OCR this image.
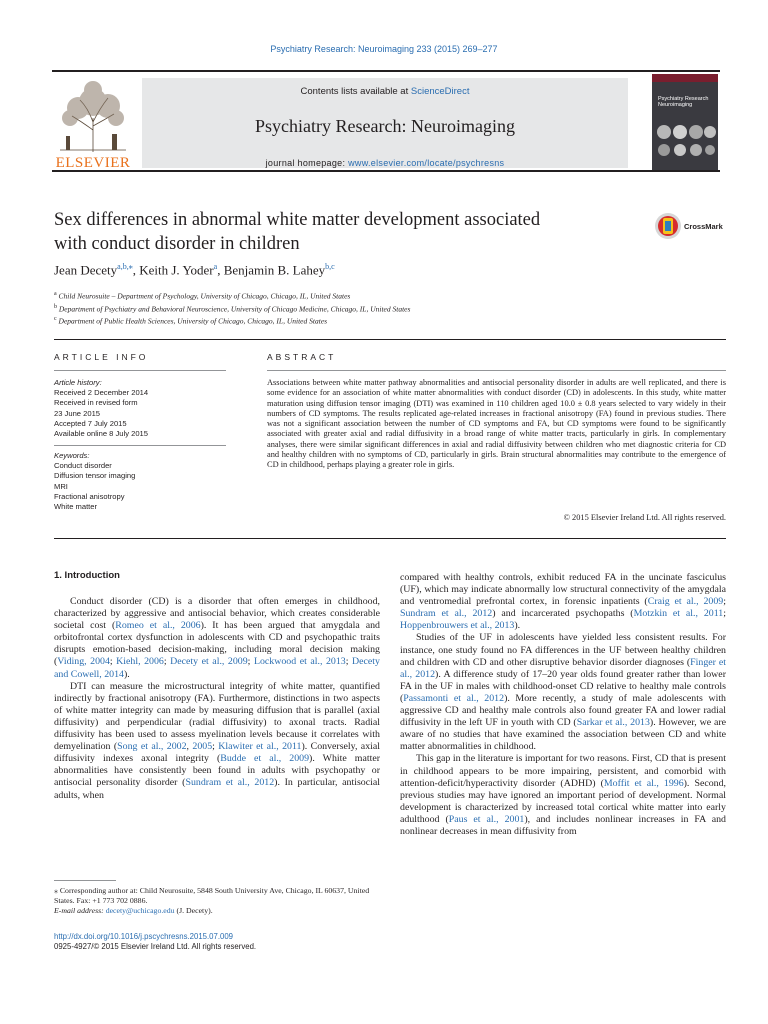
Psychiatry Research: Neuroimaging 233 (2015) 269–277
ELSEVIER
Contents lists available at ScienceDirect
Psychiatry Research: Neuroimaging
journal homepage: www.elsevier.com/locate/psychresns
Psychiatry Research
Neuroimaging
Sex differences in abnormal white matter development associated
with conduct disorder in children
CrossMark
Jean Decety$^{a,b,⁎}$, Keith J. Yoder$^a$, Benjamin B. Lahey$^{b,c}$
$^a$ Child Neurosuite – Department of Psychology, University of Chicago, Chicago, IL, United States
$^b$ Department of Psychiatry and Behavioral Neuroscience, University of Chicago Medicine, Chicago, IL, United States
$^c$ Department of Public Health Sciences, University of Chicago, Chicago, IL, United States
ARTICLE INFO	ABSTRACT
Article history:
Received 2 December 2014
Received in revised form
23 June 2015
Accepted 7 July 2015
Available online 8 July 2015
Keywords:
Conduct disorder
Diffusion tensor imaging
MRI
Fractional anisotropy
White matter
Associations between white matter pathway abnormalities and antisocial personality disorder in adults are well replicated, and there is some evidence for an association of white matter abnormalities with conduct disorder (CD) in adolescents. In this study, white matter maturation using diffusion tensor imaging (DTI) was examined in 110 children aged 10.0 ± 0.8 years selected to vary widely in their numbers of CD symptoms. The results replicated age-related increases in fractional anisotropy (FA) found in previous studies. There was not a significant association between the number of CD symptoms and FA, but CD symptoms were found to be significantly associated with greater axial and radial diffusivity in a broad range of white matter tracts, particularly in girls. In complementary analyses, there were similar significant differences in axial and radial diffusivity between children who met diagnostic criteria for CD and healthy children with no symptoms of CD, particularly in girls. Brain structural abnormalities may contribute to the emergence of CD in childhood, perhaps playing a greater role in girls.
© 2015 Elsevier Ireland Ltd. All rights reserved.
1. Introduction

Conduct disorder (CD) is a disorder that often emerges in childhood, characterized by aggressive and antisocial behavior, which creates considerable societal cost (Romeo et al., 2006). It has been argued that amygdala and orbitofrontal cortex dysfunction in adolescents with CD and psychopathic traits disrupts emotion-based decision-making, including moral decision making (Viding, 2004; Kiehl, 2006; Decety et al., 2009; Lockwood et al., 2013; Decety and Cowell, 2014).

DTI can measure the microstructural integrity of white matter, quantified indirectly by fractional anisotropy (FA). Furthermore, distinctions in two aspects of white matter integrity can made by measuring diffusion that is parallel (axial diffusivity) and perpendicular (radial diffusivity) to axonal tracts. Radial diffusivity has been used to assess myelination levels because it correlates with demyelination (Song et al., 2002, 2005; Klawiter et al., 2011). Conversely, axial diffusivity indexes axonal integrity (Budde et al., 2009). White matter abnormalities have consistently been found in adults with psychopathy or antisocial personality disorder (Sundram et al., 2012). In particular, antisocial adults, when

⁎ Corresponding author at: Child Neurosuite, 5848 South University Ave, Chicago, IL 60637, United States. Fax: +1 773 702 0886.
E-mail address: decety@uchicago.edu (J. Decety).
http://dx.doi.org/10.1016/j.pscychresns.2015.07.009
0925-4927/© 2015 Elsevier Ireland Ltd. All rights reserved.

compared with healthy controls, exhibit reduced FA in the uncinate fasciculus (UF), which may indicate abnormally low structural connectivity of the amygdala and ventromedial prefrontal cortex, in forensic inpatients (Craig et al., 2009; Sundram et al., 2012) and incarcerated psychopaths (Motzkin et al., 2011; Hoppenbrouwers et al., 2013).

Studies of the UF in adolescents have yielded less consistent results. For instance, one study found no FA differences in the UF between healthy children and children with CD and other disruptive behavior disorder diagnoses (Finger et al., 2012). A difference study of 17–20 year olds found greater rather than lower FA in the UF in males with childhood-onset CD relative to healthy male controls (Passamonti et al., 2012). More recently, a study of male adolescents with aggressive CD and healthy male controls also found greater FA and lower radial diffusivity in the left UF in youth with CD (Sarkar et al., 2013). However, we are aware of no studies that have examined the association between CD and white matter abnormalities in childhood.

This gap in the literature is important for two reasons. First, CD that is present in childhood appears to be more impairing, persistent, and comorbid with attention-deficit/hyperactivity disorder (ADHD) (Moffit et al., 1996). Second, previous studies may have ignored an important period of development. Normal development is characterized by increased total cortical white matter into early adulthood (Paus et al., 2001), and includes nonlinear increases in FA and nonlinear decreases in mean diffusivity from
